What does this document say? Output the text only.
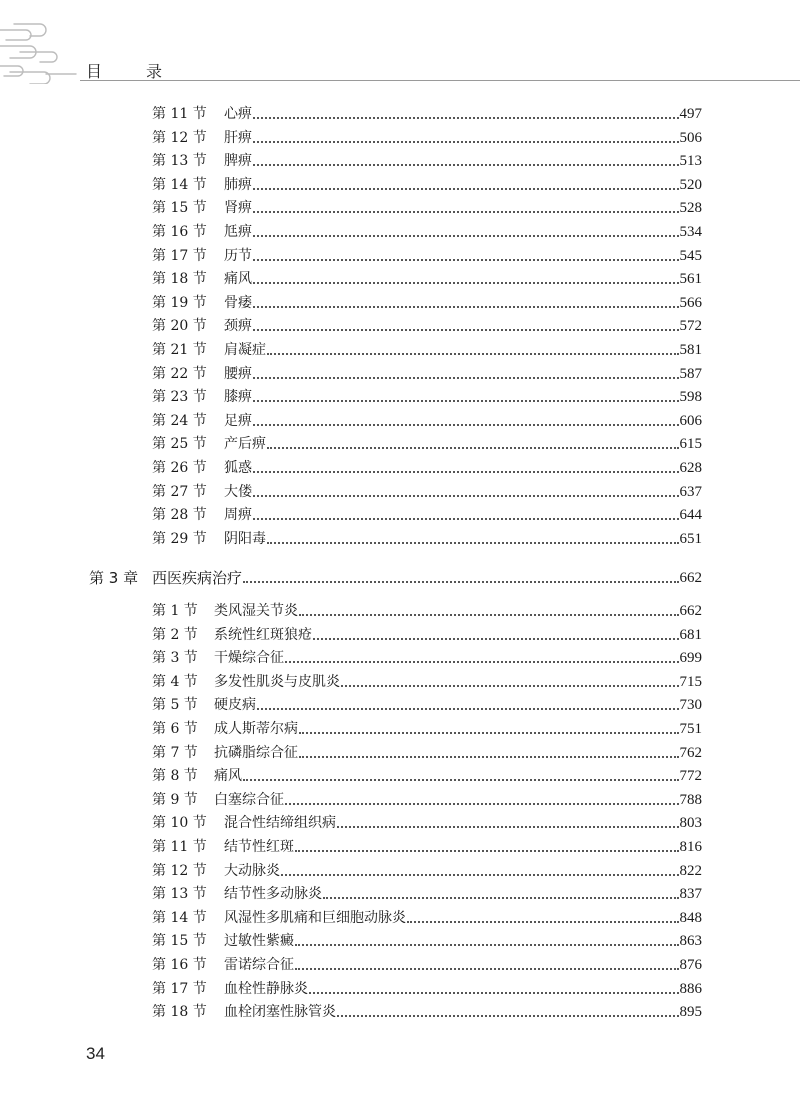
目　录
第 11 节	心痹	497
第 12 节	肝痹	506
第 13 节	脾痹	513
第 14 节	肺痹	520
第 15 节	肾痹	528
第 16 节	尪痹	534
第 17 节	历节	545
第 18 节	痛风	561
第 19 节	骨痿	566
第 20 节	颈痹	572
第 21 节	肩凝症	581
第 22 节	腰痹	587
第 23 节	膝痹	598
第 24 节	足痹	606
第 25 节	产后痹	615
第 26 节	狐惑	628
第 27 节	大偻	637
第 28 节	周痹	644
第 29 节	阴阳毒	651
第 3 章 西医疾病治疗	662
第 1 节	类风湿关节炎	662
第 2 节	系统性红斑狼疮	681
第 3 节	干燥综合征	699
第 4 节	多发性肌炎与皮肌炎	715
第 5 节	硬皮病	730
第 6 节	成人斯蒂尔病	751
第 7 节	抗磷脂综合征	762
第 8 节	痛风	772
第 9 节	白塞综合征	788
第 10 节	混合性结缔组织病	803
第 11 节	结节性红斑	816
第 12 节	大动脉炎	822
第 13 节	结节性多动脉炎	837
第 14 节	风湿性多肌痛和巨细胞动脉炎	848
第 15 节	过敏性紫癜	863
第 16 节	雷诺综合征	876
第 17 节	血栓性静脉炎	886
第 18 节	血栓闭塞性脉管炎	895
34
